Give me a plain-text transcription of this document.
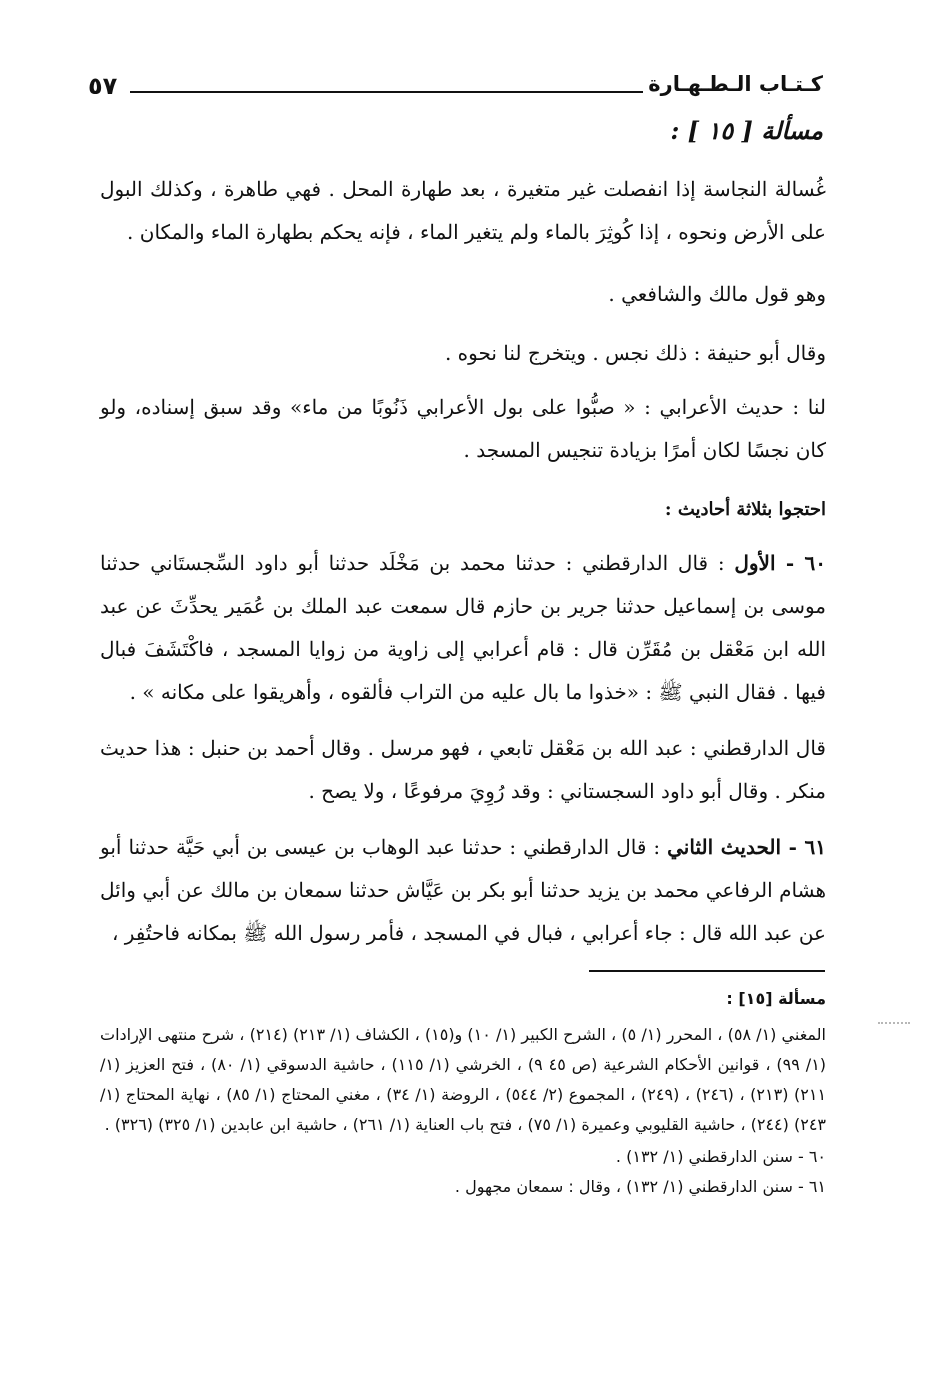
٥٧	كـتـاب الـطـهـارة
مسألة [ ١٥ ] :
غُسالة النجاسة إذا انفصلت غير متغيرة ، بعد طهارة المحل . فهي طاهرة ، وكذلك البول على الأرض ونحوه ، إذا كُوثِرَ بالماء ولم يتغير الماء ، فإنه يحكم بطهارة الماء والمكان .
وهو قول مالك والشافعي .
وقال أبو حنيفة : ذلك نجس . ويتخرج لنا نحوه .
لنا : حديث الأعرابي : « صبُّوا على بول الأعرابي ذَنُوبًا من ماء» وقد سبق إسناده، ولو كان نجسًا لكان أمرًا بزيادة تنجيس المسجد .
احتجوا بثلاثة أحاديث :
٦٠ - الأول : قال الدارقطني : حدثنا محمد بن مَخْلَد حدثنا أبو داود السِّجستَاني حدثنا موسى بن إسماعيل حدثنا جرير بن حازم قال سمعت عبد الملك بن عُمَير يحدِّثَ عن عبد الله ابن مَعْقل بن مُقَرِّن قال : قام أعرابي إلى زاوية من زوايا المسجد ، فاكْتَشَفَ فبال فيها . فقال النبي ﷺ : «خذوا ما بال عليه من التراب فألقوه ، وأهريقوا على مكانه » .
قال الدارقطني : عبد الله بن مَعْقل تابعي ، فهو مرسل . وقال أحمد بن حنبل : هذا حديث منكر . وقال أبو داود السجستاني : وقد رُوِيَ مرفوعًا ، ولا يصح .
٦١ - الحديث الثاني : قال الدارقطني : حدثنا عبد الوهاب بن عيسى بن أبي حَيَّة حدثنا أبو هشام الرفاعي محمد بن يزيد حدثنا أبو بكر بن عَيَّاش حدثنا سمعان بن مالك عن أبي وائل عن عبد الله قال : جاء أعرابي ، فبال في المسجد ، فأمر رسول الله ﷺ بمكانه فاحتُفِر ،
مسألة [١٥] :

المغني (١/ ٥٨) ، المحرر (١/ ٥) ، الشرح الكبير (١/ ١٠) و(١٥) ، الكشاف (١/ ٢١٣) (٢١٤) ، شرح منتهى الإرادات (١/ ٩٩) ، قوانين الأحكام الشرعية (ص ٤٥ ٩) ، الخرشي (١/ ١١٥) ، حاشية الدسوقي (١/ ٨٠) ، فتح العزيز (١/ ٢١١) (٢١٣) ، (٢٤٦) ، (٢٤٩) ، المجموع (٢/ ٥٤٤) ، الروضة (١/ ٣٤) ، مغني المحتاج (١/ ٨٥) ، نهاية المحتاج (١/ ٢٤٣) (٢٤٤) ، حاشية القليوبي وعميرة (١/ ٧٥) ، فتح باب العناية (١/ ٢٦١) ، حاشية ابن عابدين (١/ ٣٢٥) (٣٢٦) .

٦٠ - سنن الدارقطني (١/ ١٣٢) .

٦١ - سنن الدارقطني (١/ ١٣٢) ، وقال : سمعان مجهول .
